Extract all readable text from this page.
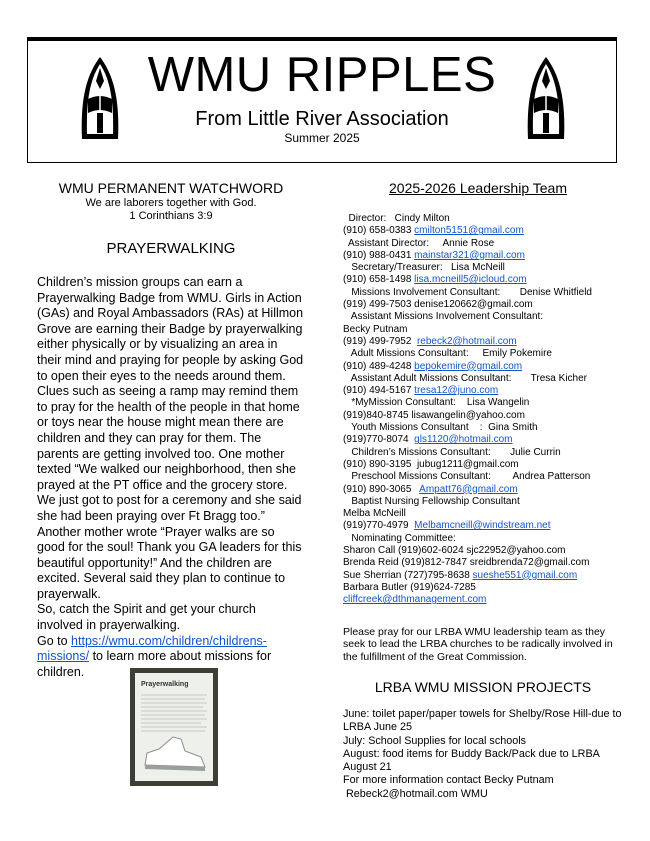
WMU RIPPLES
From Little River Association
Summer 2025
WMU PERMANENT WATCHWORD
We are laborers together with God.
1 Corinthians 3:9
PRAYERWALKING

Children’s mission groups can earn a Prayerwalking Badge from WMU. Girls in Action (GAs) and Royal Ambassadors (RAs) at Hillmon Grove are earning their Badge by prayerwalking either physically or by visualizing an area in their mind and praying for people by asking God to open their eyes to the needs around them. Clues such as seeing a ramp may remind them to pray for the health of the people in that home or toys near the house might mean there are children and they can pray for them. The parents are getting involved too. One mother texted “We walked our neighborhood, then she prayed at the PT office and the grocery store. We just got to post for a ceremony and she said she had been praying over Ft Bragg too.” Another mother wrote “Prayer walks are so good for the soul! Thank you GA leaders for this beautiful opportunity!” And the children are excited. Several said they plan to continue to prayerwalk.

So, catch the Spirit and get your church involved in prayerwalking.

Go to https://wmu.com/children/childrens-missions/ to learn more about missions for children.

Prayerwalking
2025-2026 Leadership Team
Director:   Cindy Milton
(910) 658-0383 cmilton5151@gmail.com
Assistant Director:     Annie Rose
(910) 988-0431 mainstar321@gmail.com
Secretary/Treasurer:   Lisa McNeill
(910) 658-1498 lisa.mcneill5@icloud.com
Missions Involvement Consultant:       Denise Whitfield
(919) 499-7503 denise120662@gmail.com
Assistant Missions Involvement Consultant:
Becky Putnam
(919) 499-7952  rebeck2@hotmail.com
Adult Missions Consultant:     Emily Pokemire
(910) 489-4248 bepokemire@gmail.com
Assistant Adult Missions Consultant:       Tresa Kicher
(910) 494-5167 tresa12@juno.com
*MyMission Consultant:    Lisa Wangelin
(919)840-8745 lisawangelin@yahoo.com
Youth Missions Consultant    :  Gina Smith
(919)770-8074  gls1120@hotmail.com
Children’s Missions Consultant:       Julie Currin
(910) 890-3195  jubug1211@gmail.com
Preschool Missions Consultant:        Andrea Patterson
(910) 890-3065   Ampatt76@gmail.com
Baptist Nursing Fellowship Consultant
Melba McNeill
(919)770-4979  Melbamcneill@windstream.net
Nominating Committee:
Sharon Call (919)602-6024 sjc22952@yahoo.com
Brenda Reid (919)812-7847 sreidbrenda72@gmail.com
Sue Sherrian (727)795-8638 sueshe551@gmail.com
Barbara Butler (919)624-7285
cliffcreek@dthmanagement.com
Please pray for our LRBA WMU leadership team as they seek to lead the LRBA churches to be radically involved in the fulfillment of the Great Commission.
LRBA WMU MISSION PROJECTS
June: toilet paper/paper towels for Shelby/Rose Hill-due to LRBA June 25
July: School Supplies for local schools
August: food items for Buddy Back/Pack due to LRBA August 21
For more information contact Becky Putnam
Rebeck2@hotmail.com WMU
